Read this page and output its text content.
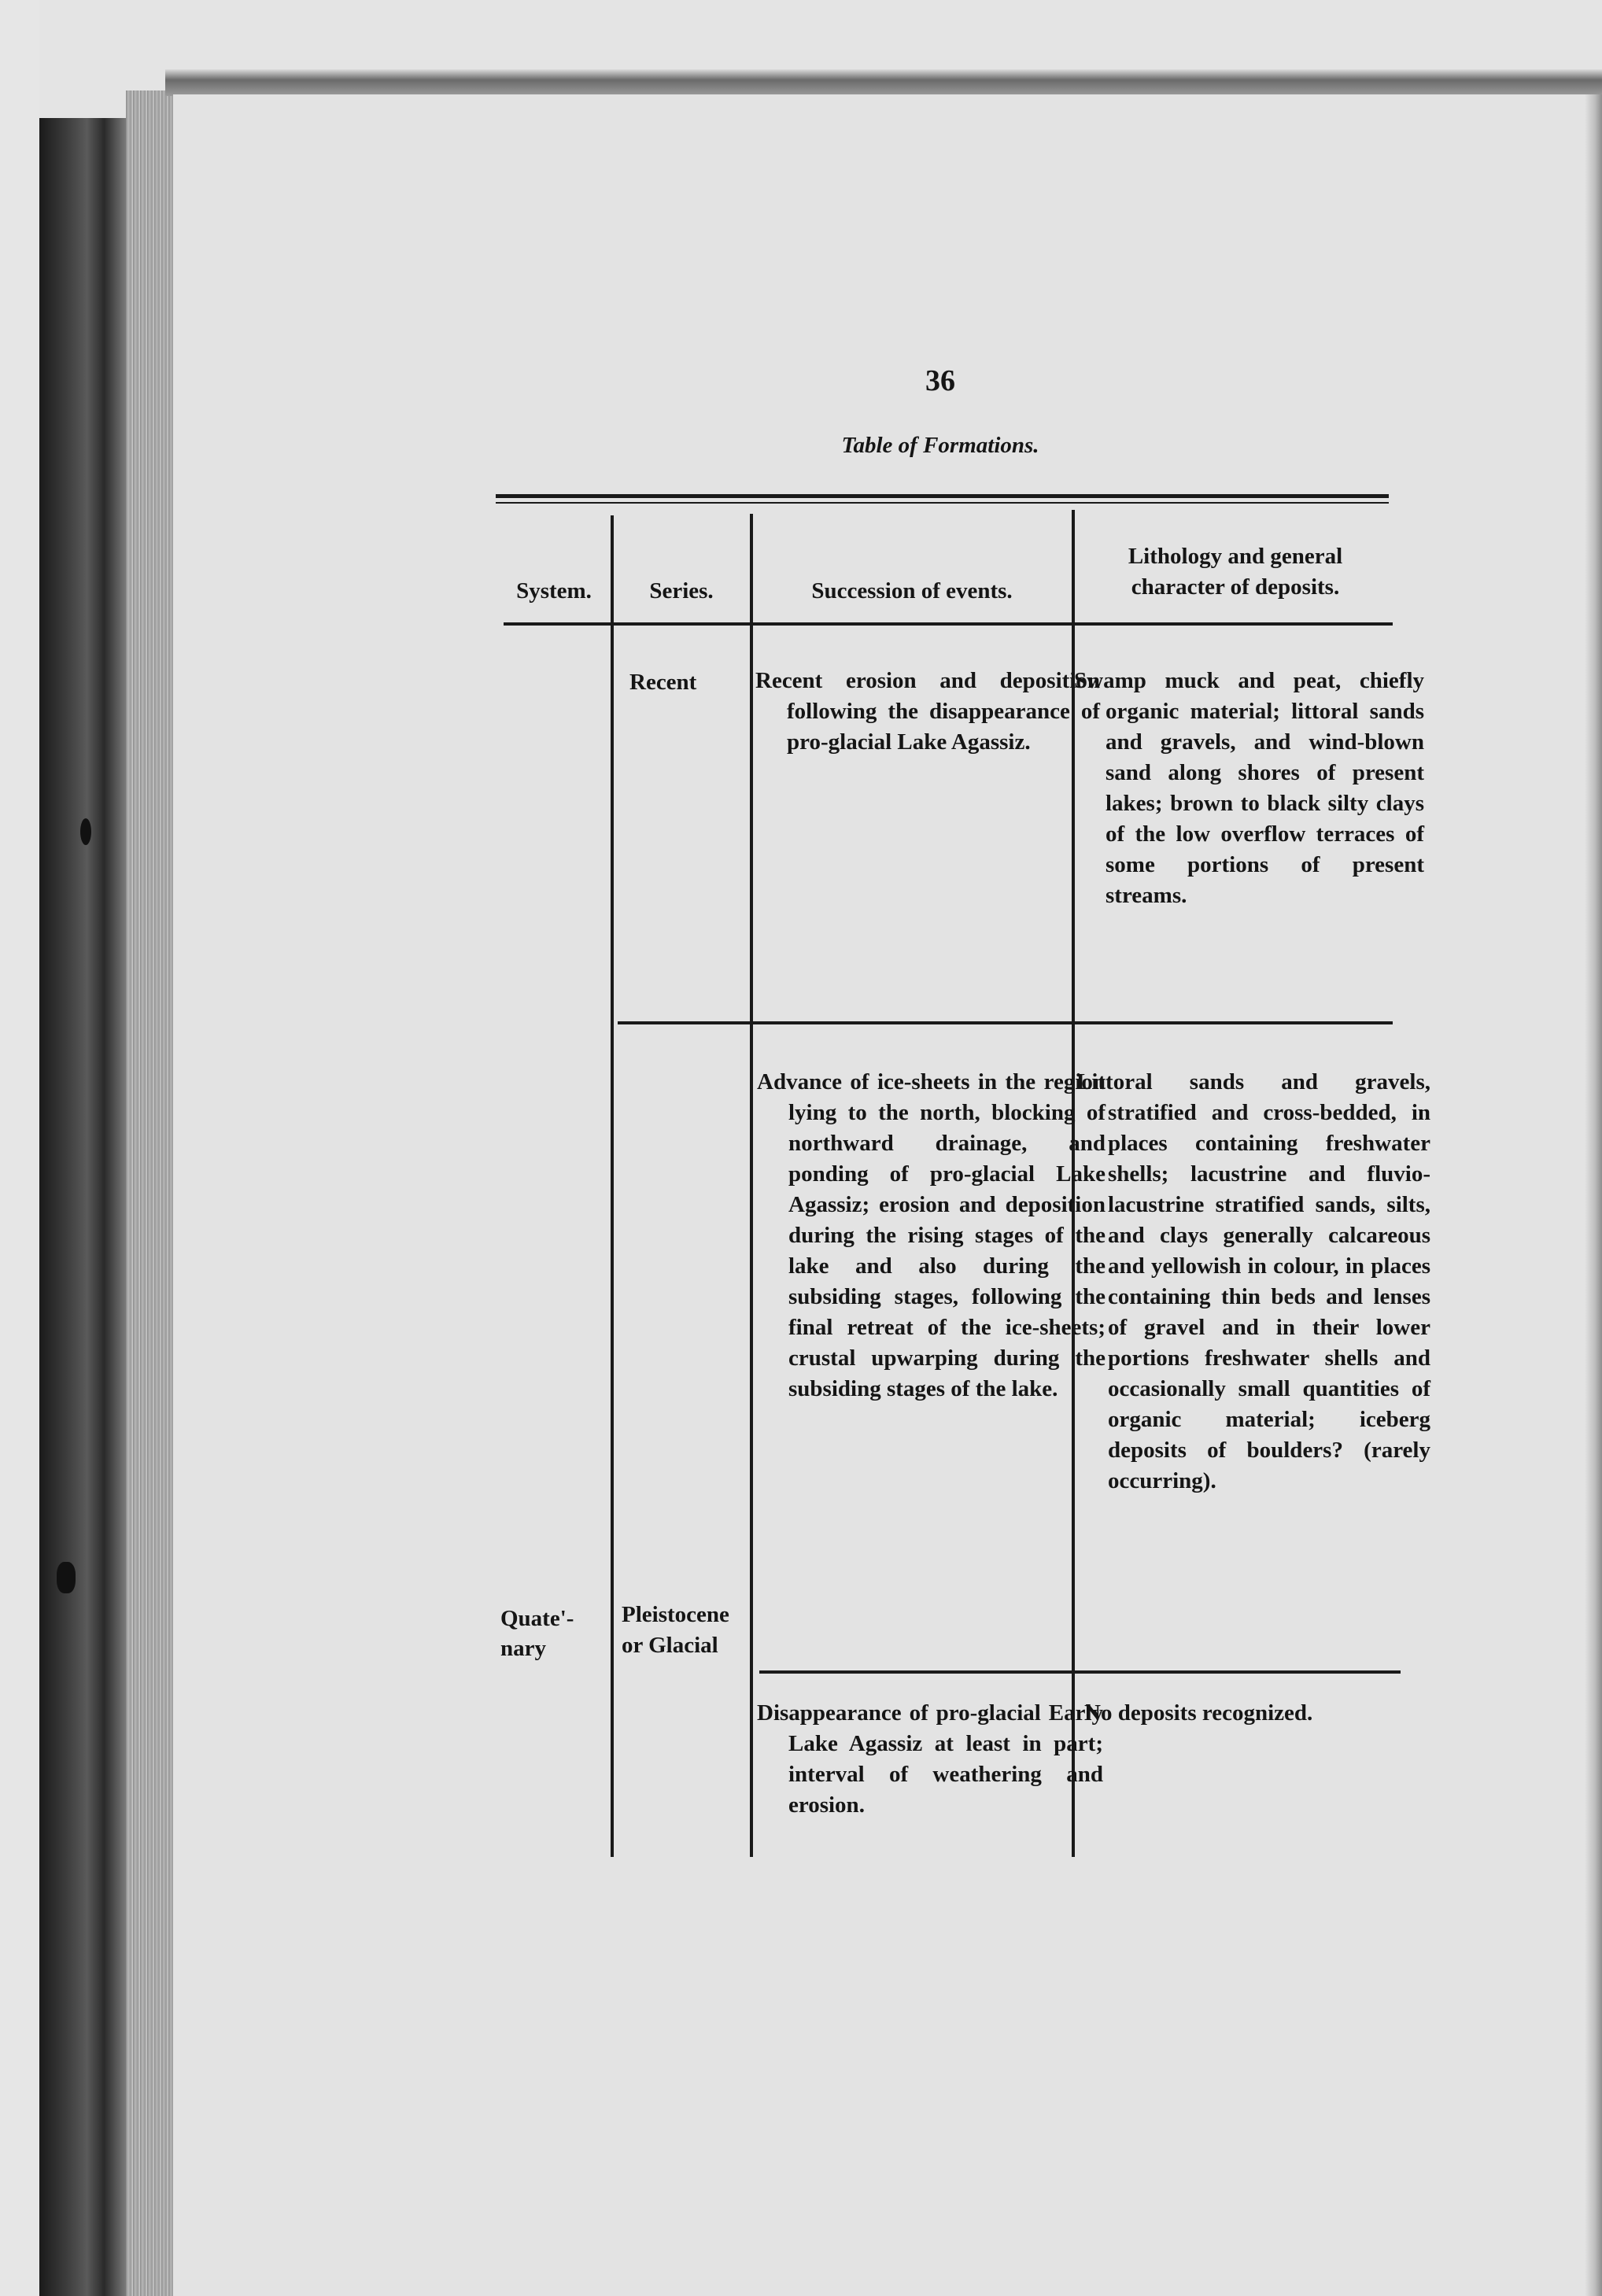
36
Table of Formations.
System.	Series.	Succession of events.
Lithology and general character of deposits.
Quate'-nary
Recent

Pleistocene

or Glacial

Recent erosion and deposition following the disappearance of pro-glacial Lake Agassiz.
Swamp muck and peat, chiefly organic material; littoral sands and gravels, and wind-blown sand along shores of present lakes; brown to black silty clays of the low overflow terraces of some portions of present streams.
Advance of ice-sheets in the region lying to the north, blocking of northward drainage, and ponding of pro-glacial Lake Agassiz; erosion and deposition during the rising stages of the lake and also during the subsiding stages, following the final retreat of the ice-sheets; crustal upwarping during the subsiding stages of the lake.
Littoral sands and gravels, stratified and cross-bedded, in places containing freshwater shells; lacustrine and fluvio-lacustrine stratified sands, silts, and clays generally calcareous and yellowish in colour, in places containing thin beds and lenses of gravel and in their lower portions freshwater shells and occasionally small quantities of organic material; iceberg deposits of boulders? (rarely occurring).
Disappearance of pro-glacial Early Lake Agassiz at least in part; interval of weathering and erosion.
No deposits recognized.
